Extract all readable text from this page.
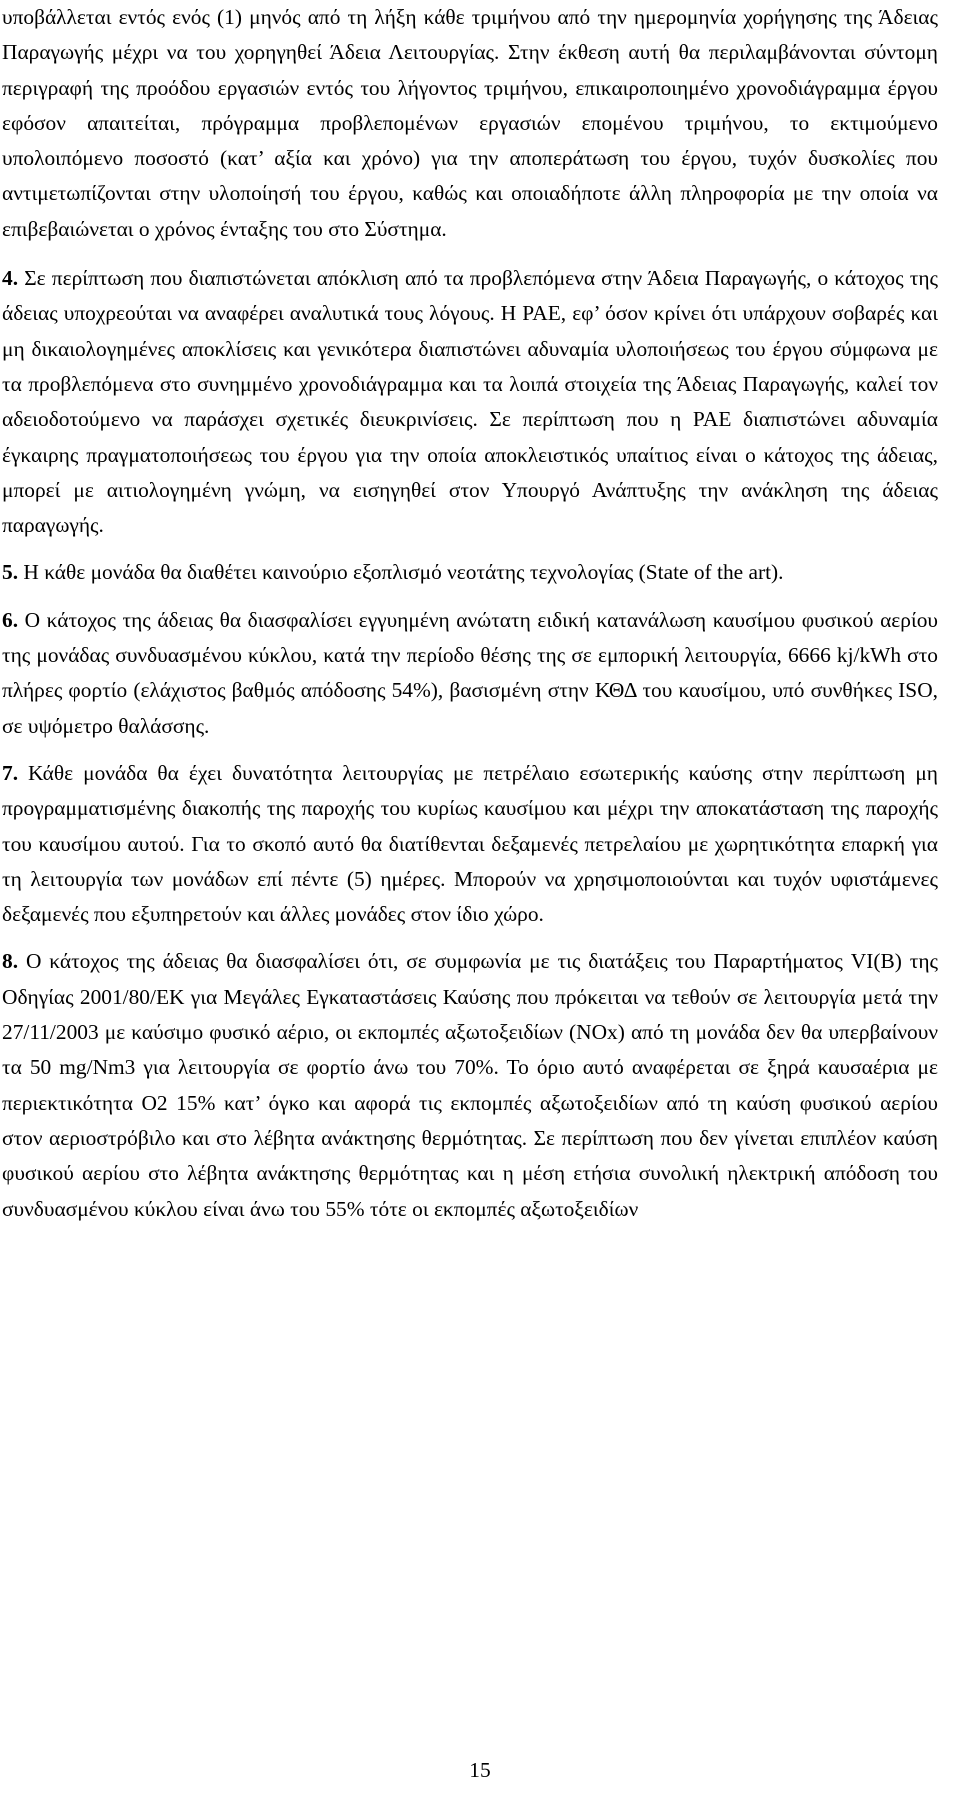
υποβάλλεται εντός ενός (1) μηνός από τη λήξη κάθε τριμήνου από την ημερομηνία χορήγησης της Άδειας Παραγωγής μέχρι να του χορηγηθεί Άδεια Λειτουργίας. Στην έκθεση αυτή θα περιλαμβάνονται σύντομη περιγραφή της προόδου εργασιών εντός του λήγοντος τριμήνου, επικαιροποιημένο χρονοδιάγραμμα έργου εφόσον απαιτείται, πρόγραμμα προβλεπομένων εργασιών επομένου τριμήνου, το εκτιμούμενο υπολοιπόμενο ποσοστό (κατ’ αξία και χρόνο) για την αποπεράτωση του έργου, τυχόν δυσκολίες που αντιμετωπίζονται στην υλοποίησή του έργου, καθώς και οποιαδήποτε άλλη πληροφορία με την οποία να επιβεβαιώνεται ο χρόνος ένταξης του στο Σύστημα.

4. Σε περίπτωση που διαπιστώνεται απόκλιση από τα προβλεπόμενα στην Άδεια Παραγωγής, ο κάτοχος της άδειας υποχρεούται να αναφέρει αναλυτικά τους λόγους. Η ΡΑΕ, εφ’ όσον κρίνει ότι υπάρχουν σοβαρές και μη δικαιολογημένες αποκλίσεις και γενικότερα διαπιστώνει αδυναμία υλοποιήσεως του έργου σύμφωνα με τα προβλεπόμενα στο συνημμένο χρονοδιάγραμμα και τα λοιπά στοιχεία της Άδειας Παραγωγής, καλεί τον αδειοδοτούμενο να παράσχει σχετικές διευκρινίσεις. Σε περίπτωση που η ΡΑΕ διαπιστώνει αδυναμία έγκαιρης πραγματοποιήσεως του έργου για την οποία αποκλειστικός υπαίτιος είναι ο κάτοχος της άδειας, μπορεί με αιτιολογημένη γνώμη, να εισηγηθεί στον Υπουργό Ανάπτυξης την ανάκληση της άδειας παραγωγής.

5. Η κάθε μονάδα θα διαθέτει καινούριο εξοπλισμό νεοτάτης τεχνολογίας (State of the art).

6. Ο κάτοχος της άδειας θα διασφαλίσει εγγυημένη ανώτατη ειδική κατανάλωση καυσίμου φυσικού αερίου της μονάδας συνδυασμένου κύκλου, κατά την περίοδο θέσης της σε εμπορική λειτουργία, 6666 kj/kWh στο πλήρες φορτίο (ελάχιστος βαθμός απόδοσης 54%), βασισμένη στην ΚΘΔ του καυσίμου, υπό συνθήκες ISO, σε υψόμετρο θαλάσσης.

7. Κάθε μονάδα θα έχει δυνατότητα λειτουργίας με πετρέλαιο εσωτερικής καύσης στην περίπτωση μη προγραμματισμένης διακοπής της παροχής του κυρίως καυσίμου και μέχρι την αποκατάσταση της παροχής του καυσίμου αυτού. Για το σκοπό αυτό θα διατίθενται δεξαμενές πετρελαίου με χωρητικότητα επαρκή για τη λειτουργία των μονάδων επί πέντε (5) ημέρες. Μπορούν να χρησιμοποιούνται και τυχόν υφιστάμενες δεξαμενές που εξυπηρετούν και άλλες μονάδες στον ίδιο χώρο.

8. Ο κάτοχος της άδειας θα διασφαλίσει ότι, σε συμφωνία με τις διατάξεις του Παραρτήματος VI(B) της Οδηγίας 2001/80/ΕΚ για Μεγάλες Εγκαταστάσεις Καύσης που πρόκειται να τεθούν σε λειτουργία μετά την 27/11/2003 με καύσιμο φυσικό αέριο, οι εκπομπές αξωτοξειδίων (NOx) από τη μονάδα δεν θα υπερβαίνουν τα 50 mg/Nm3 για λειτουργία σε φορτίο άνω του 70%. Το όριο αυτό αναφέρεται σε ξηρά καυσαέρια με περιεκτικότητα Ο2 15% κατ’ όγκο και αφορά τις εκπομπές αξωτοξειδίων από τη καύση φυσικού αερίου στον αεριοστρόβιλο και στο λέβητα ανάκτησης θερμότητας. Σε περίπτωση που δεν γίνεται επιπλέον καύση φυσικού αερίου στο λέβητα ανάκτησης θερμότητας και η μέση ετήσια συνολική ηλεκτρική απόδοση του συνδυασμένου κύκλου είναι άνω του 55% τότε οι εκπομπές αξωτοξειδίων

15
